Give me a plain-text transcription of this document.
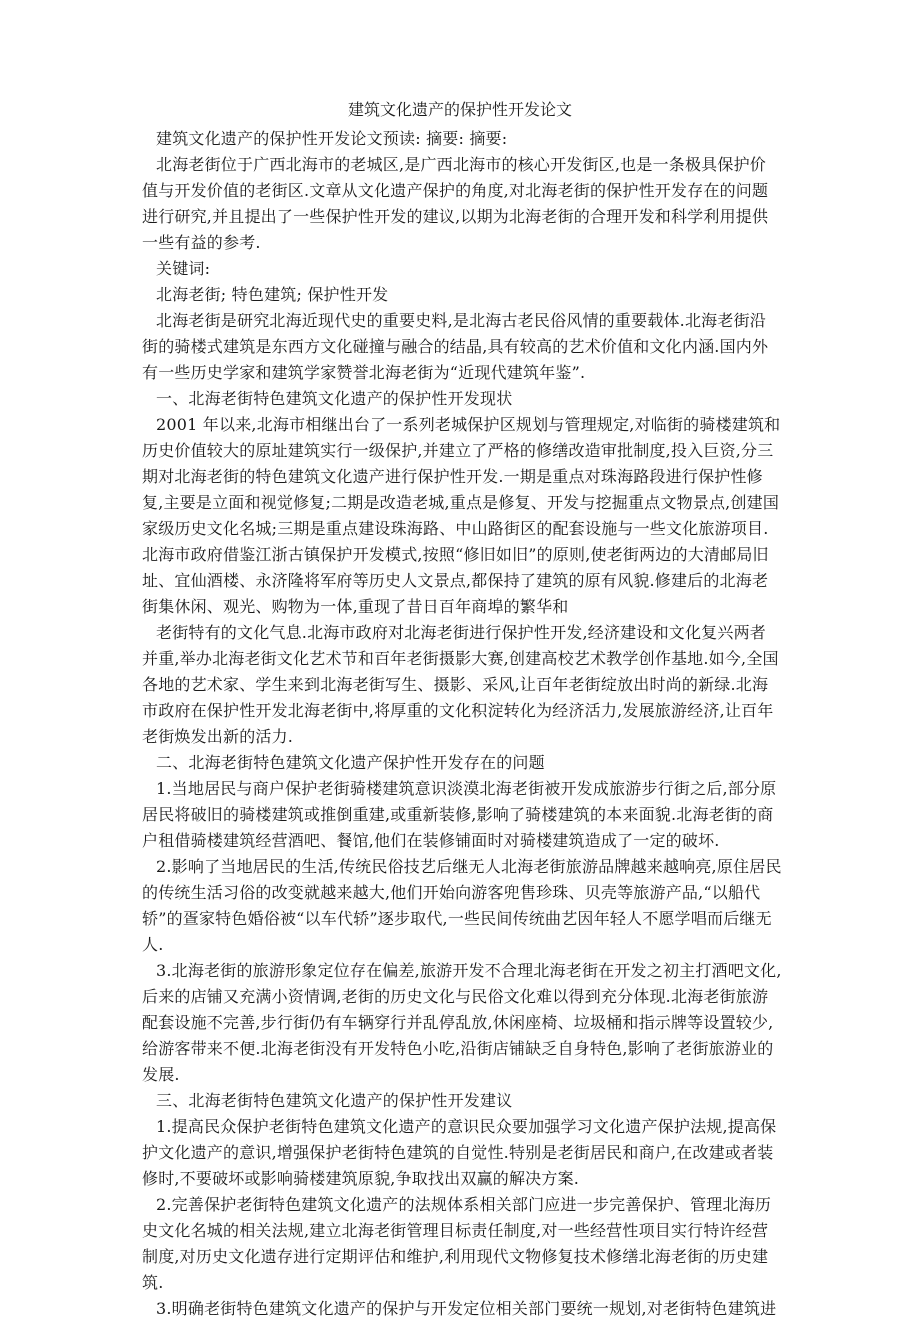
建筑文化遗产的保护性开发论文

建筑文化遗产的保护性开发论文预读: 摘要: 摘要:

北海老街位于广西北海市的老城区,是广西北海市的核心开发街区,也是一条极具保护价值与开发价值的老街区.文章从文化遗产保护的角度,对北海老街的保护性开发存在的问题进行研究,并且提出了一些保护性开发的建议,以期为北海老街的合理开发和科学利用提供一些有益的参考.

关键词:

北海老街; 特色建筑; 保护性开发

北海老街是研究北海近现代史的重要史料,是北海古老民俗风情的重要载体.北海老街沿街的骑楼式建筑是东西方文化碰撞与融合的结晶,具有较高的艺术价值和文化内涵.国内外有一些历史学家和建筑学家赞誉北海老街为“近现代建筑年鉴”.

一、北海老街特色建筑文化遗产的保护性开发现状

2001 年以来,北海市相继出台了一系列老城保护区规划与管理规定,对临街的骑楼建筑和历史价值较大的原址建筑实行一级保护,并建立了严格的修缮改造审批制度,投入巨资,分三期对北海老街的特色建筑文化遗产进行保护性开发.一期是重点对珠海路段进行保护性修复,主要是立面和视觉修复;二期是改造老城,重点是修复、开发与挖掘重点文物景点,创建国家级历史文化名城;三期是重点建设珠海路、中山路街区的配套设施与一些文化旅游项目.北海市政府借鉴江浙古镇保护开发模式,按照“修旧如旧”的原则,使老街两边的大清邮局旧址、宜仙酒楼、永济隆将军府等历史人文景点,都保持了建筑的原有风貌.修建后的北海老街集休闲、观光、购物为一体,重现了昔日百年商埠的繁华和

老街特有的文化气息.北海市政府对北海老街进行保护性开发,经济建设和文化复兴两者并重,举办北海老街文化艺术节和百年老街摄影大赛,创建高校艺术教学创作基地.如今,全国各地的艺术家、学生来到北海老街写生、摄影、采风,让百年老街绽放出时尚的新绿.北海市政府在保护性开发北海老街中,将厚重的文化积淀转化为经济活力,发展旅游经济,让百年老街焕发出新的活力.

二、北海老街特色建筑文化遗产保护性开发存在的问题

1.当地居民与商户保护老街骑楼建筑意识淡漠北海老街被开发成旅游步行街之后,部分原居民将破旧的骑楼建筑或推倒重建,或重新装修,影响了骑楼建筑的本来面貌.北海老街的商户租借骑楼建筑经营酒吧、餐馆,他们在装修铺面时对骑楼建筑造成了一定的破坏.

2.影响了当地居民的生活,传统民俗技艺后继无人北海老街旅游品牌越来越响亮,原住居民的传统生活习俗的改变就越来越大,他们开始向游客兜售珍珠、贝壳等旅游产品,“以船代轿”的疍家特色婚俗被“以车代轿”逐步取代,一些民间传统曲艺因年轻人不愿学唱而后继无人.

3.北海老街的旅游形象定位存在偏差,旅游开发不合理北海老街在开发之初主打酒吧文化,后来的店铺又充满小资情调,老街的历史文化与民俗文化难以得到充分体现.北海老街旅游配套设施不完善,步行街仍有车辆穿行并乱停乱放,休闲座椅、垃圾桶和指示牌等设置较少,给游客带来不便.北海老街没有开发特色小吃,沿街店铺缺乏自身特色,影响了老街旅游业的发展.

三、北海老街特色建筑文化遗产的保护性开发建议

1.提高民众保护老街特色建筑文化遗产的意识民众要加强学习文化遗产保护法规,提高保护文化遗产的意识,增强保护老街特色建筑的自觉性.特别是老街居民和商户,在改建或者装修时,不要破坏或影响骑楼建筑原貌,争取找出双赢的解决方案.

2.完善保护老街特色建筑文化遗产的法规体系相关部门应进一步完善保护、管理北海历史文化名城的相关法规,建立北海老街管理目标责任制度,对一些经营性项目实行特许经营制度,对历史文化遗存进行定期评估和维护,利用现代文物修复技术修缮北海老街的历史建筑.

3.明确老街特色建筑文化遗产的保护与开发定位相关部门要统一规划,对老街特色建筑进
